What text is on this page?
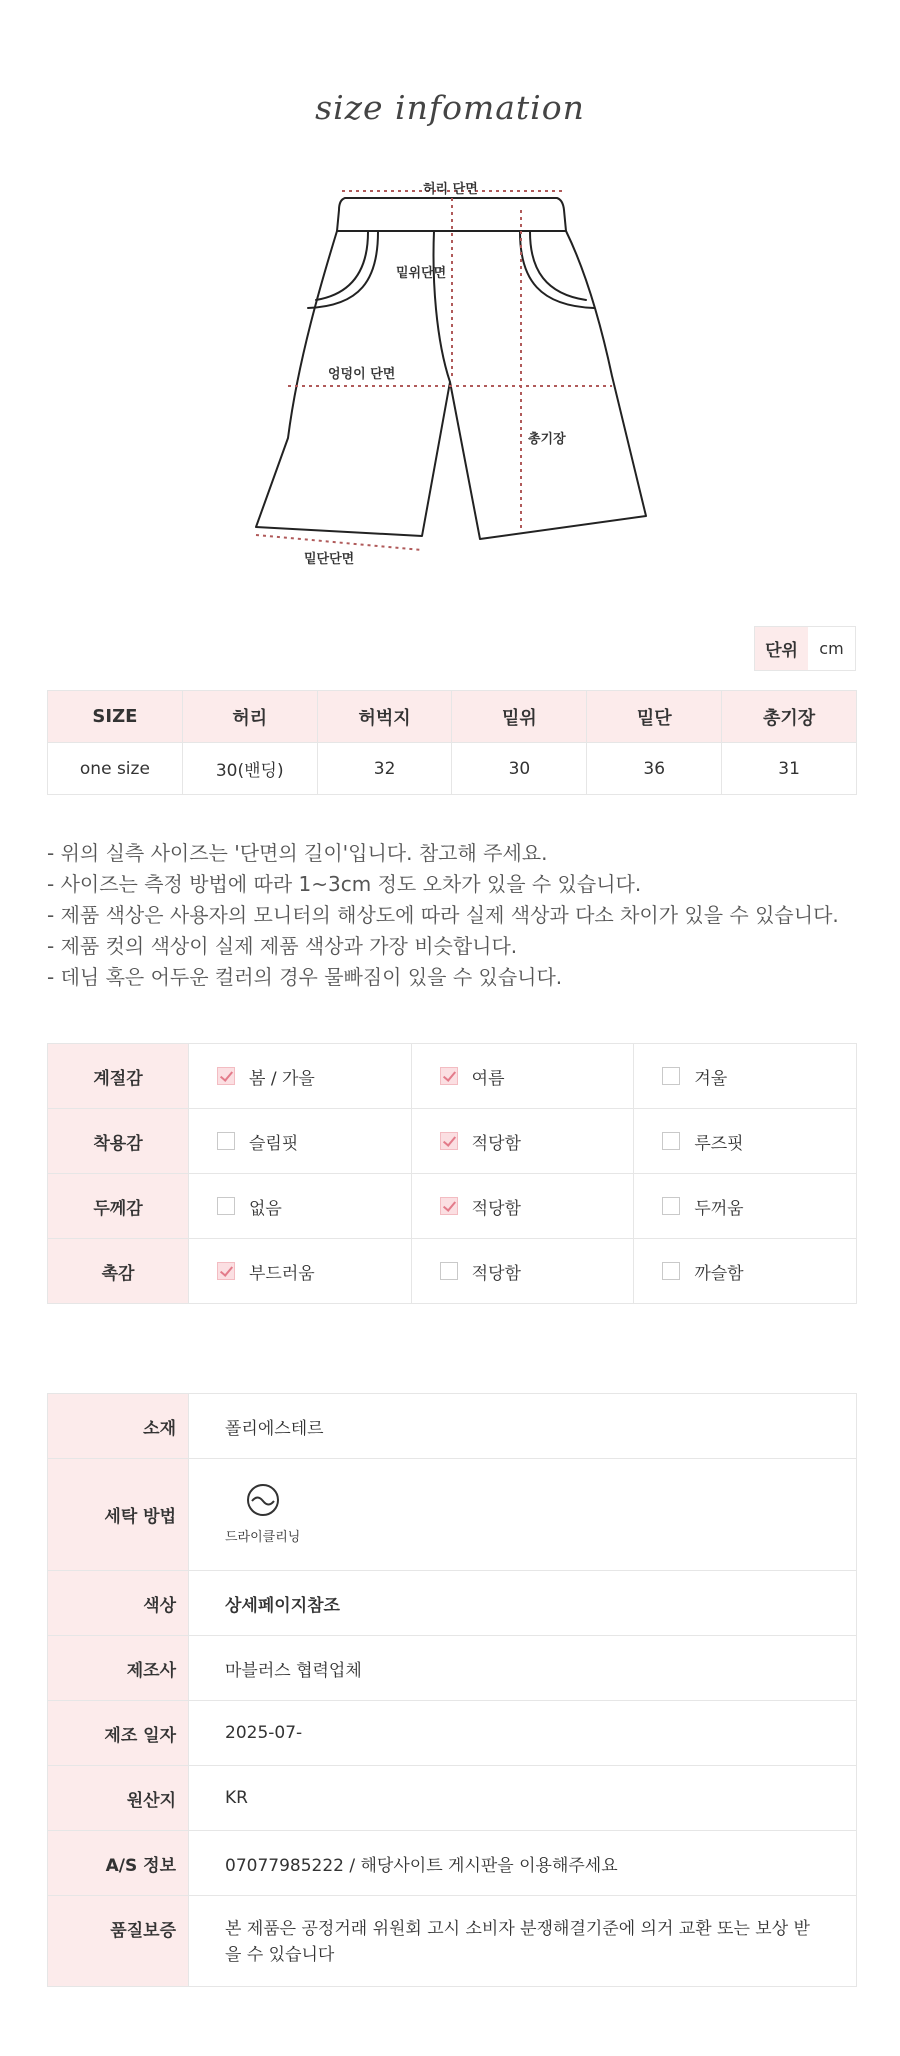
size infomation
허리 단면
밑위단면
엉덩이 단면
총기장
밑단단면
단위	cm
SIZE	허리	허벅지	밑위	밑단	총기장
one size	30(밴딩)	32	30	36	31

- 위의 실측 사이즈는 '단면의 길이'입니다. 참고해 주세요.

- 사이즈는 측정 방법에 따라 1~3cm 정도 오차가 있을 수 있습니다.

- 제품 색상은 사용자의 모니터의 해상도에 따라 실제 색상과 다소 차이가 있을 수 있습니다.

- 제품 컷의 색상이 실제 제품 색상과 가장 비슷합니다.

- 데님 혹은 어두운 컬러의 경우 물빠짐이 있을 수 있습니다.

계절감	봄 / 가을	여름	겨울
착용감	슬림핏	적당함	루즈핏
두께감	없음	적당함	두꺼움
촉감	부드러움	적당함	까슬함
소재	폴리에스테르
세탁 방법	드라이클리닝

색상	상세페이지참조
제조사	마블러스 협력업체
제조 일자	2025-07-
원산지	KR
A/S 정보	07077985222 / 해당사이트 게시판을 이용해주세요
품질보증	본 제품은 공정거래 위원회 고시 소비자 분쟁해결기준에 의거 교환 또는 보상 받을 수 있습니다
